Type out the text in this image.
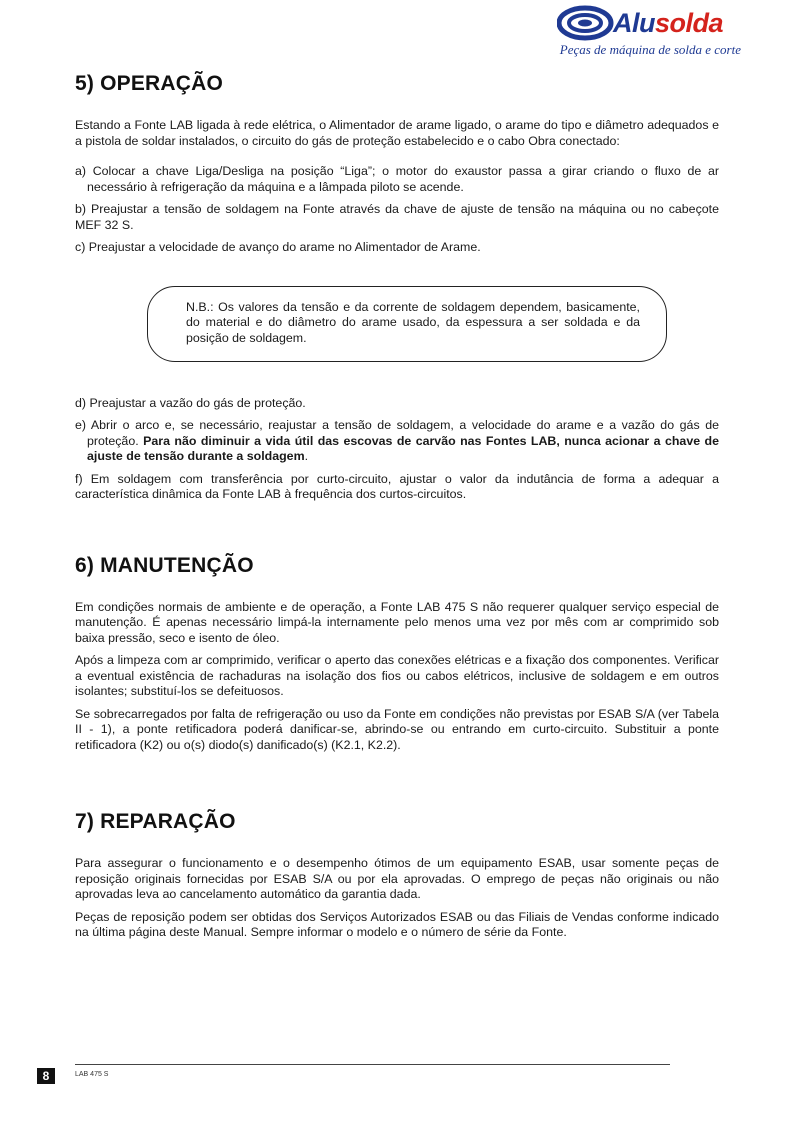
Alusolda
Peças de máquina de solda e corte
5) OPERAÇÃO

Estando a Fonte LAB ligada à rede elétrica, o Alimentador de arame ligado, o arame do tipo e diâmetro adequados e a pistola de soldar instalados, o circuito do gás de proteção estabelecido e o cabo Obra conectado:

a) Colocar a chave Liga/Desliga na posição “Liga”; o motor do exaustor passa a girar criando o fluxo de ar necessário à refrigeração da máquina e a lâmpada piloto se acende.

b) Preajustar a tensão de soldagem na Fonte através da chave de ajuste de tensão na máquina ou no cabeçote MEF 32 S.

c) Preajustar a velocidade de avanço do arame no Alimentador de Arame.

N.B.: Os valores da tensão e da corrente de soldagem dependem, basicamente, do material e do diâmetro do arame usado, da espessura a ser soldada e da posição de soldagem.

d) Preajustar a vazão do gás de proteção.

e) Abrir o arco e, se necessário, reajustar a tensão de soldagem, a velocidade do arame e a vazão do gás de proteção. Para não diminuir a vida útil das escovas de carvão nas Fontes LAB, nunca acionar a chave de ajuste de tensão durante a soldagem.

f) Em soldagem com transferência por curto-circuito, ajustar o valor da indutância de forma a adequar a característica dinâmica da Fonte LAB à frequência dos curtos-circuitos.

6) MANUTENÇÃO

Em condições normais de ambiente e de operação, a Fonte LAB 475 S não requerer qualquer serviço especial de manutenção. É apenas necessário limpá-la internamente pelo menos uma vez por mês com ar comprimido sob baixa pressão, seco e isento de óleo.

Após a limpeza com ar comprimido, verificar o aperto das conexões elétricas e a fixação dos componentes. Verificar a eventual existência de rachaduras na isolação dos fios ou cabos elétricos, inclusive de soldagem e em outros isolantes; substituí-los se defeituosos.

Se sobrecarregados por falta de refrigeração ou uso da Fonte em condições não previstas por ESAB S/A (ver Tabela II - 1), a ponte retificadora poderá danificar-se, abrindo-se ou entrando em curto-circuito. Substituir a ponte retificadora (K2) ou o(s) diodo(s) danificado(s) (K2.1, K2.2).

7) REPARAÇÃO

Para assegurar o funcionamento e o desempenho ótimos de um equipamento ESAB, usar somente peças de reposição originais fornecidas por ESAB S/A ou por ela aprovadas. O emprego de peças não originais ou não aprovadas leva ao cancelamento automático da garantia dada.

Peças de reposição podem ser obtidas dos Serviços Autorizados ESAB ou das Filiais de Vendas conforme indicado na última página deste Manual. Sempre informar o modelo e o número de série da Fonte.

8	LAB 475 S
